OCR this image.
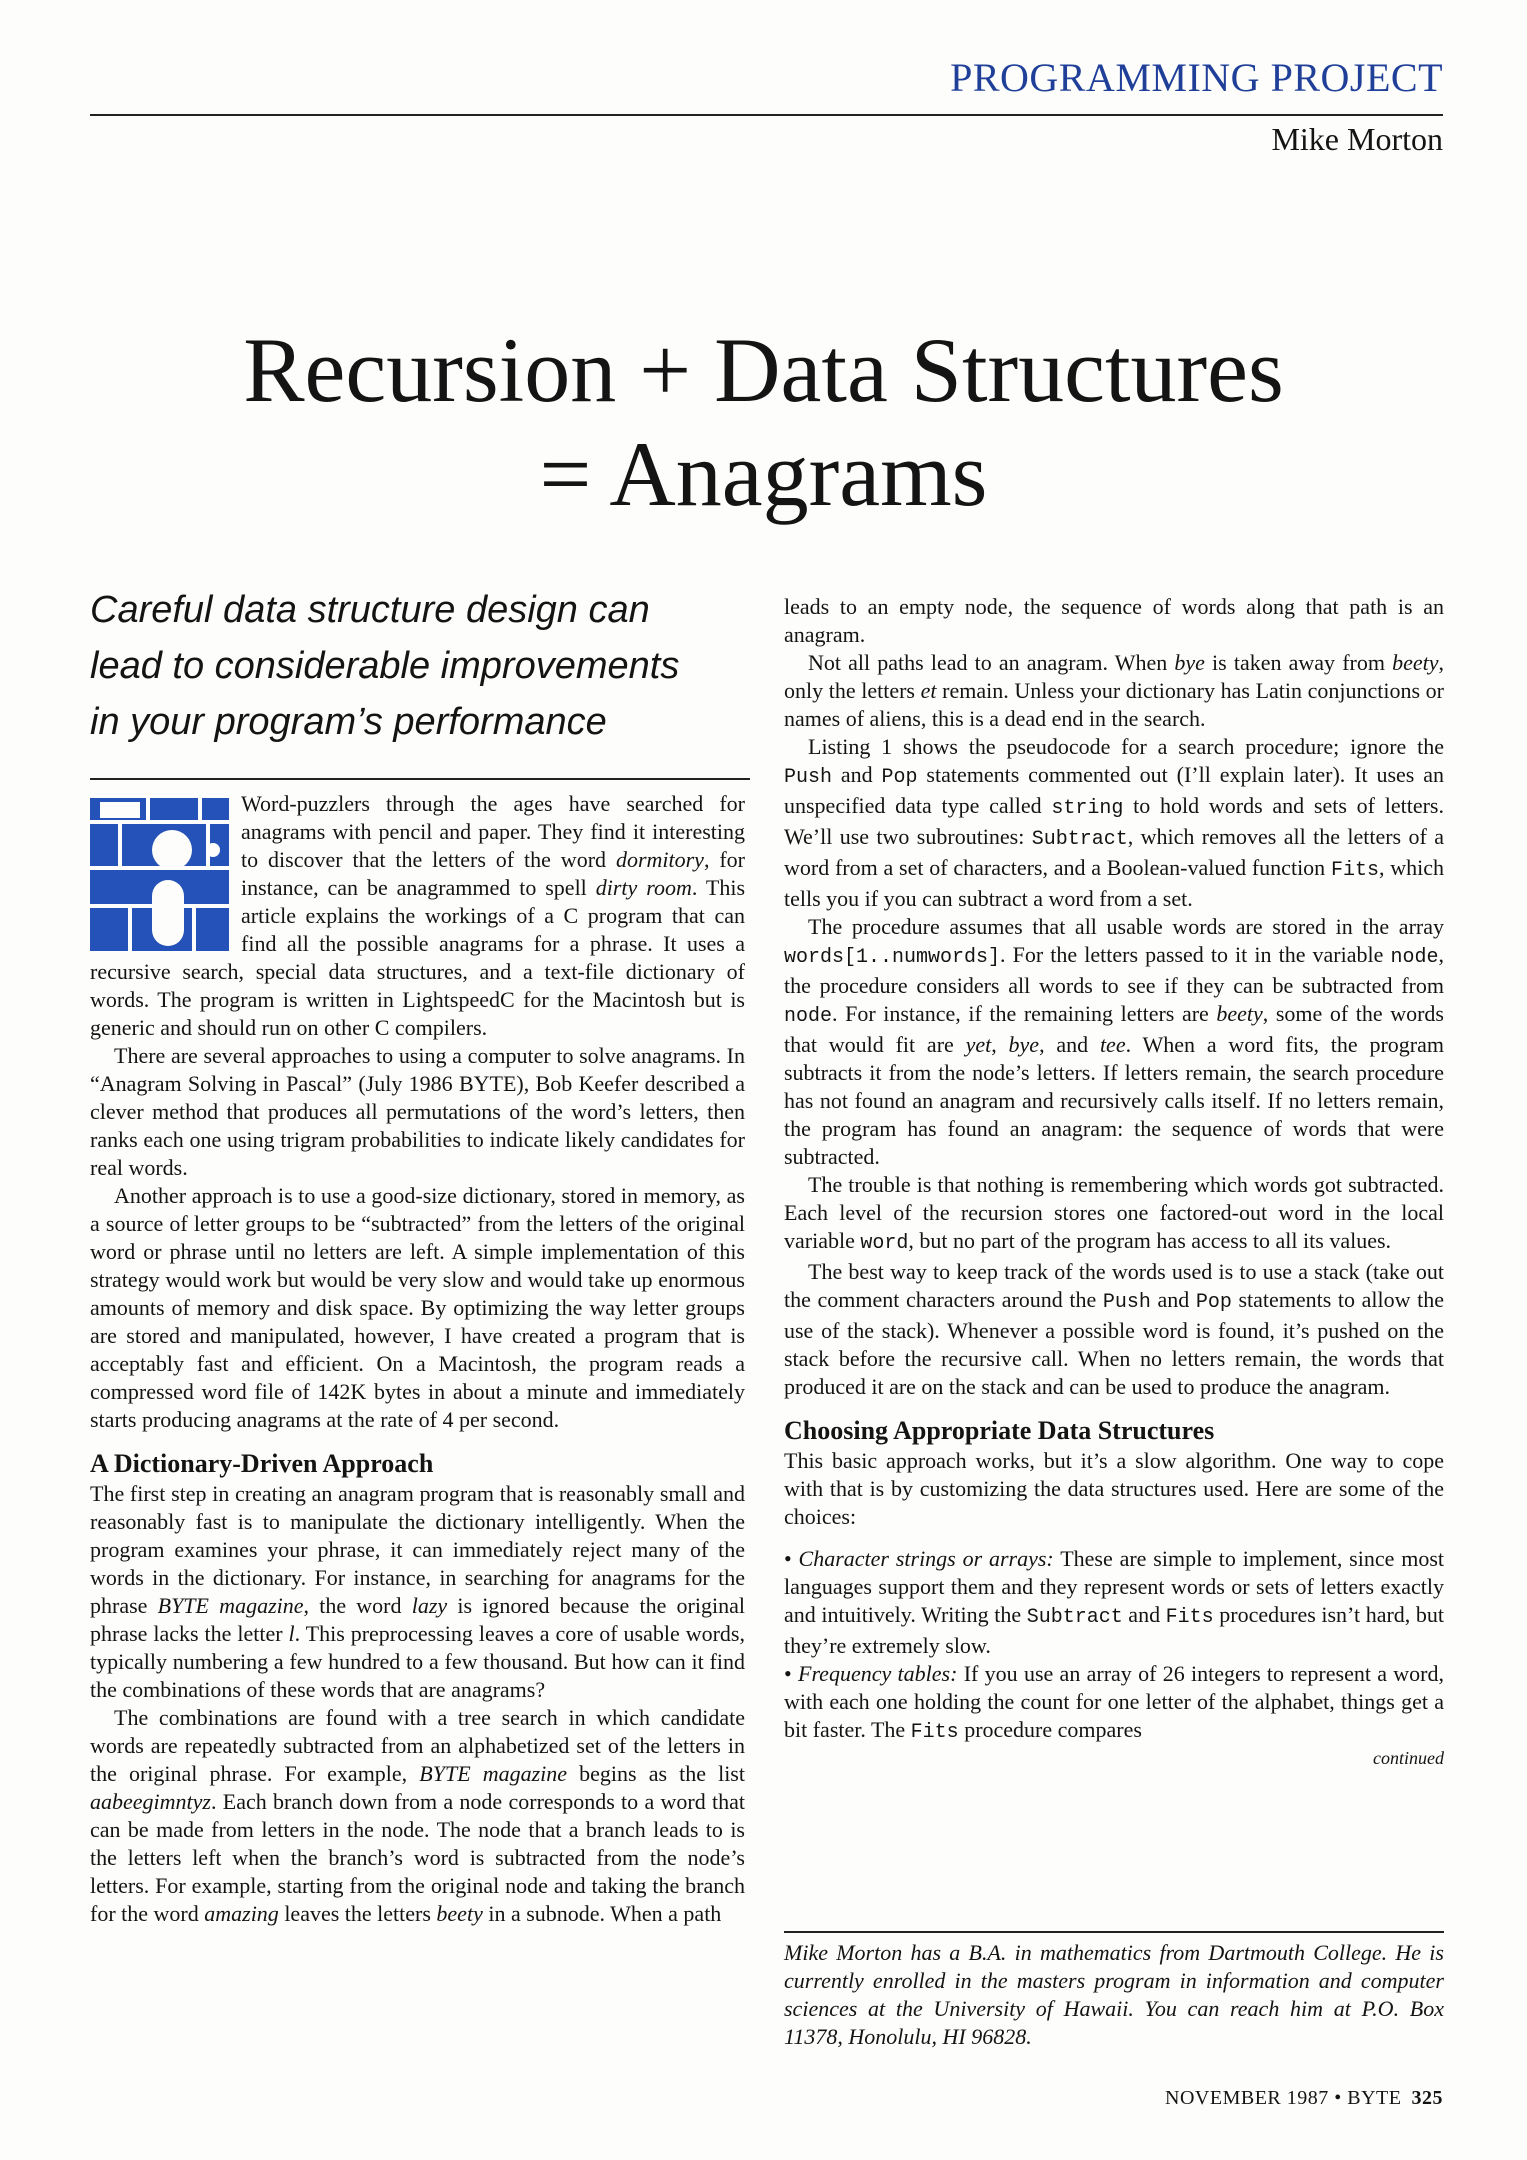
PROGRAMMING PROJECT
Mike Morton
Recursion + Data Structures
= Anagrams
Careful data structure design can lead to considerable improvements in your program’s performance

Word-puzzlers through the ages have searched for anagrams with pencil and paper. They find it interesting to discover that the letters of the word dormitory, for instance, can be anagrammed to spell dirty room. This article explains the workings of a C program that can find all the possible anagrams for a phrase. It uses a recursive search, special data structures, and a text-file dictionary of words. The program is written in LightspeedC for the Macintosh but is generic and should run on other C compilers.

There are several approaches to using a computer to solve anagrams. In “Anagram Solving in Pascal” (July 1986 BYTE), Bob Keefer described a clever method that produces all permutations of the word’s letters, then ranks each one using trigram probabilities to indicate likely candidates for real words.

Another approach is to use a good-size dictionary, stored in memory, as a source of letter groups to be “subtracted” from the letters of the original word or phrase until no letters are left. A simple implementation of this strategy would work but would be very slow and would take up enormous amounts of memory and disk space. By optimizing the way letter groups are stored and manipulated, however, I have created a program that is acceptably fast and efficient. On a Macintosh, the program reads a compressed word file of 142K bytes in about a minute and immediately starts producing anagrams at the rate of 4 per second.

A Dictionary-Driven Approach

The first step in creating an anagram program that is reasonably small and reasonably fast is to manipulate the dictionary intelligently. When the program examines your phrase, it can immediately reject many of the words in the dictionary. For instance, in searching for anagrams for the phrase BYTE magazine, the word lazy is ignored because the original phrase lacks the letter l. This preprocessing leaves a core of usable words, typically numbering a few hundred to a few thousand. But how can it find the combinations of these words that are anagrams?

The combinations are found with a tree search in which candidate words are repeatedly subtracted from an alphabetized set of the letters in the original phrase. For example, BYTE magazine begins as the list aabeegimntyz. Each branch down from a node corresponds to a word that can be made from letters in the node. The node that a branch leads to is the letters left when the branch’s word is subtracted from the node’s letters. For example, starting from the original node and taking the branch for the word amazing leaves the letters beety in a subnode. When a path

leads to an empty node, the sequence of words along that path is an anagram.

Not all paths lead to an anagram. When bye is taken away from beety, only the letters et remain. Unless your dictionary has Latin conjunctions or names of aliens, this is a dead end in the search.

Listing 1 shows the pseudocode for a search procedure; ignore the Push and Pop statements commented out (I’ll explain later). It uses an unspecified data type called string to hold words and sets of letters. We’ll use two subroutines: Subtract, which removes all the letters of a word from a set of characters, and a Boolean-valued function Fits, which tells you if you can subtract a word from a set.

The procedure assumes that all usable words are stored in the array words[1..numwords]. For the letters passed to it in the variable node, the procedure considers all words to see if they can be subtracted from node. For instance, if the remaining letters are beety, some of the words that would fit are yet, bye, and tee. When a word fits, the program subtracts it from the node’s letters. If letters remain, the search procedure has not found an anagram and recursively calls itself. If no letters remain, the program has found an anagram: the sequence of words that were subtracted.

The trouble is that nothing is remembering which words got subtracted. Each level of the recursion stores one factored-out word in the local variable word, but no part of the program has access to all its values.

The best way to keep track of the words used is to use a stack (take out the comment characters around the Push and Pop statements to allow the use of the stack). Whenever a possible word is found, it’s pushed on the stack before the recursive call. When no letters remain, the words that produced it are on the stack and can be used to produce the anagram.

Choosing Appropriate Data Structures

This basic approach works, but it’s a slow algorithm. One way to cope with that is by customizing the data structures used. Here are some of the choices:

• Character strings or arrays: These are simple to implement, since most languages support them and they represent words or sets of letters exactly and intuitively. Writing the Subtract and Fits procedures isn’t hard, but they’re extremely slow.

• Frequency tables: If you use an array of 26 integers to represent a word, with each one holding the count for one letter of the alphabet, things get a bit faster. The Fits procedure compares

continued
Mike Morton has a B.A. in mathematics from Dartmouth College. He is currently enrolled in the masters program in information and computer sciences at the University of Hawaii. You can reach him at P.O. Box 11378, Honolulu, HI 96828.
NOVEMBER 1987 • BYTE 325
